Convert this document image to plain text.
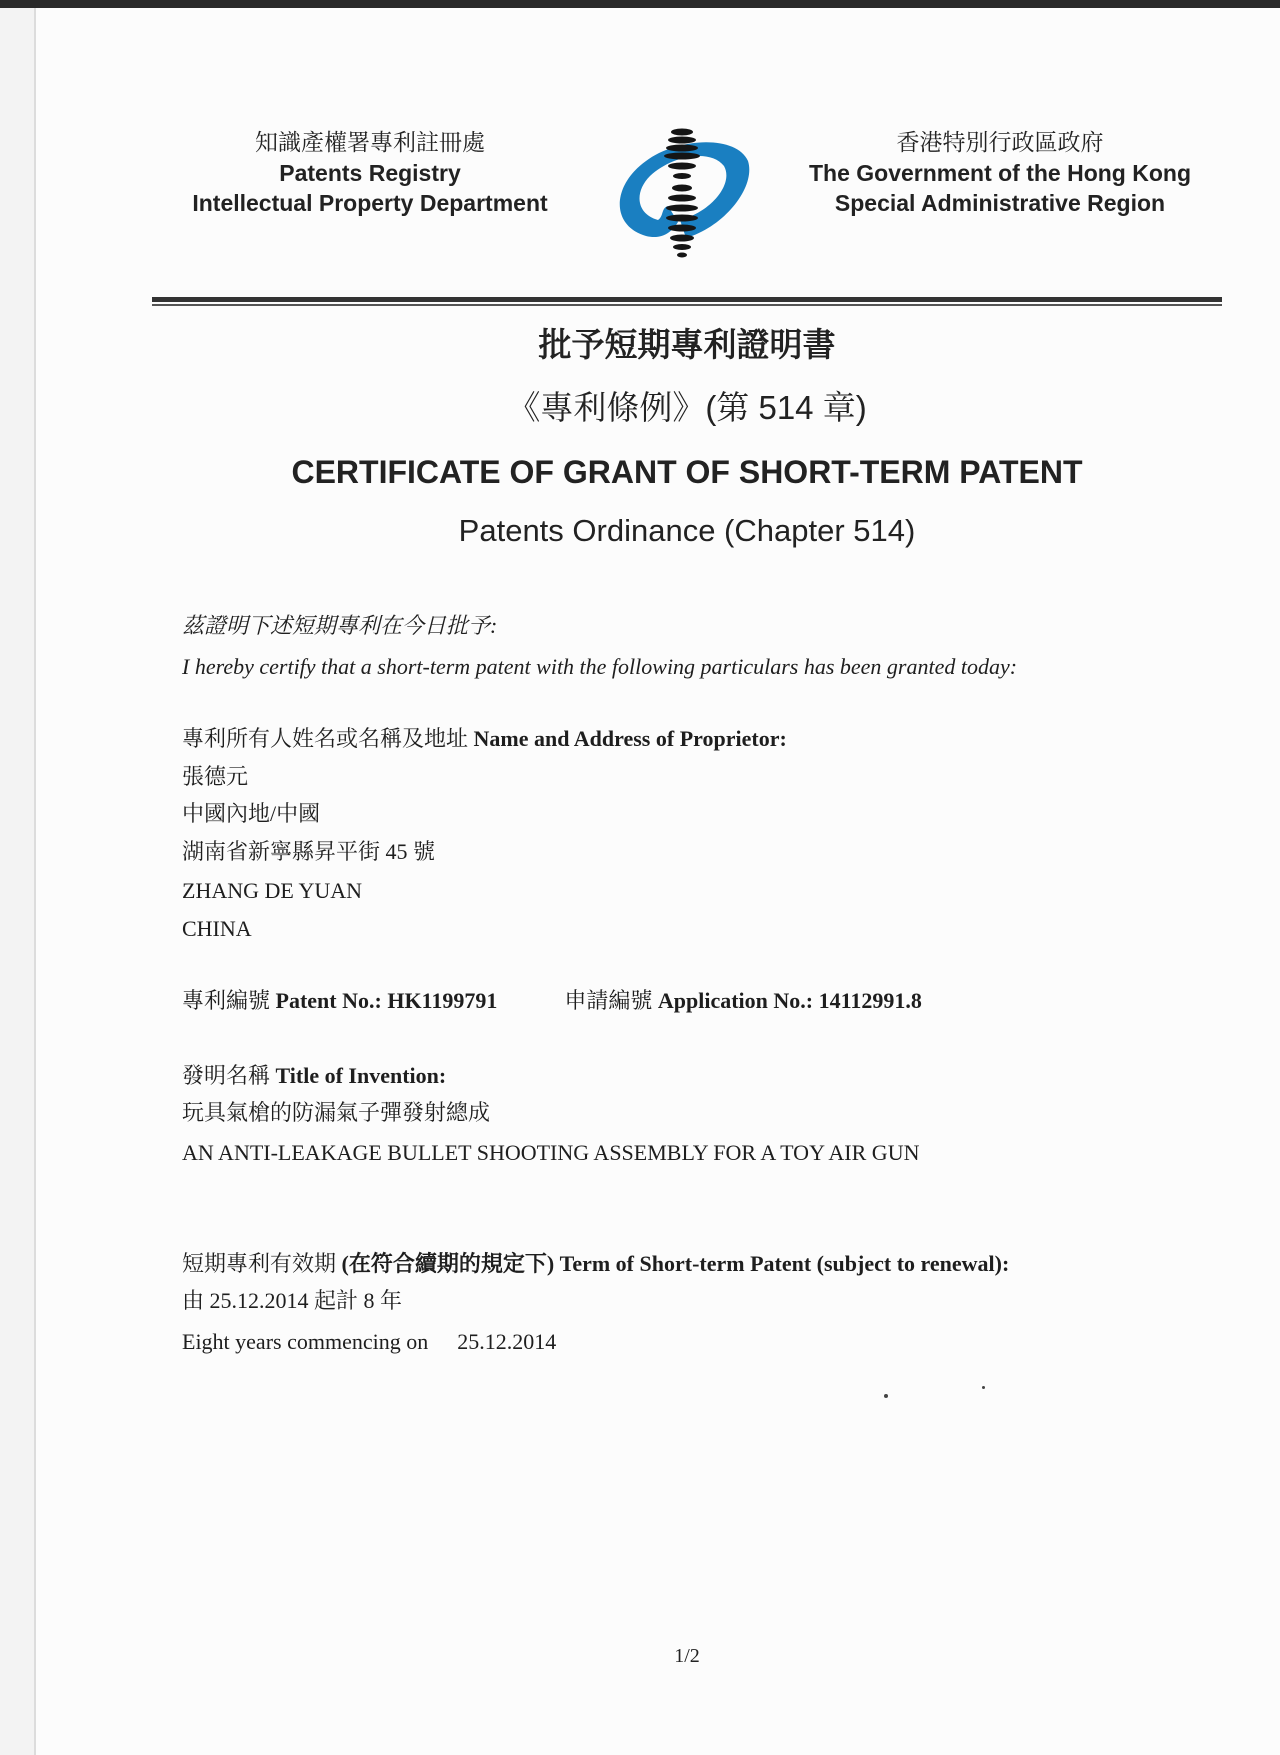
知識產權署專利註冊處
Patents Registry
Intellectual Property Department
香港特別行政區政府
The Government of the Hong Kong
Special Administrative Region
批予短期專利證明書
《專利條例》(第 514 章)
CERTIFICATE OF GRANT OF SHORT-TERM PATENT
Patents Ordinance (Chapter 514)
茲證明下述短期專利在今日批予:
I hereby certify that a short-term patent with the following particulars has been granted today:
專利所有人姓名或名稱及地址 Name and Address of Proprietor:
張德元
中國內地/中國
湖南省新寧縣昇平街 45 號
ZHANG DE YUAN
CHINA
專利編號 Patent No.: HK1199791	申請編號 Application No.: 14112991.8
發明名稱 Title of Invention:
玩具氣槍的防漏氣子彈發射總成
AN ANTI-LEAKAGE BULLET SHOOTING ASSEMBLY FOR A TOY AIR GUN
短期專利有效期 (在符合續期的規定下) Term of Short-term Patent (subject to renewal):
由 25.12.2014 起計 8 年
Eight years commencing on 25.12.2014
1/2
